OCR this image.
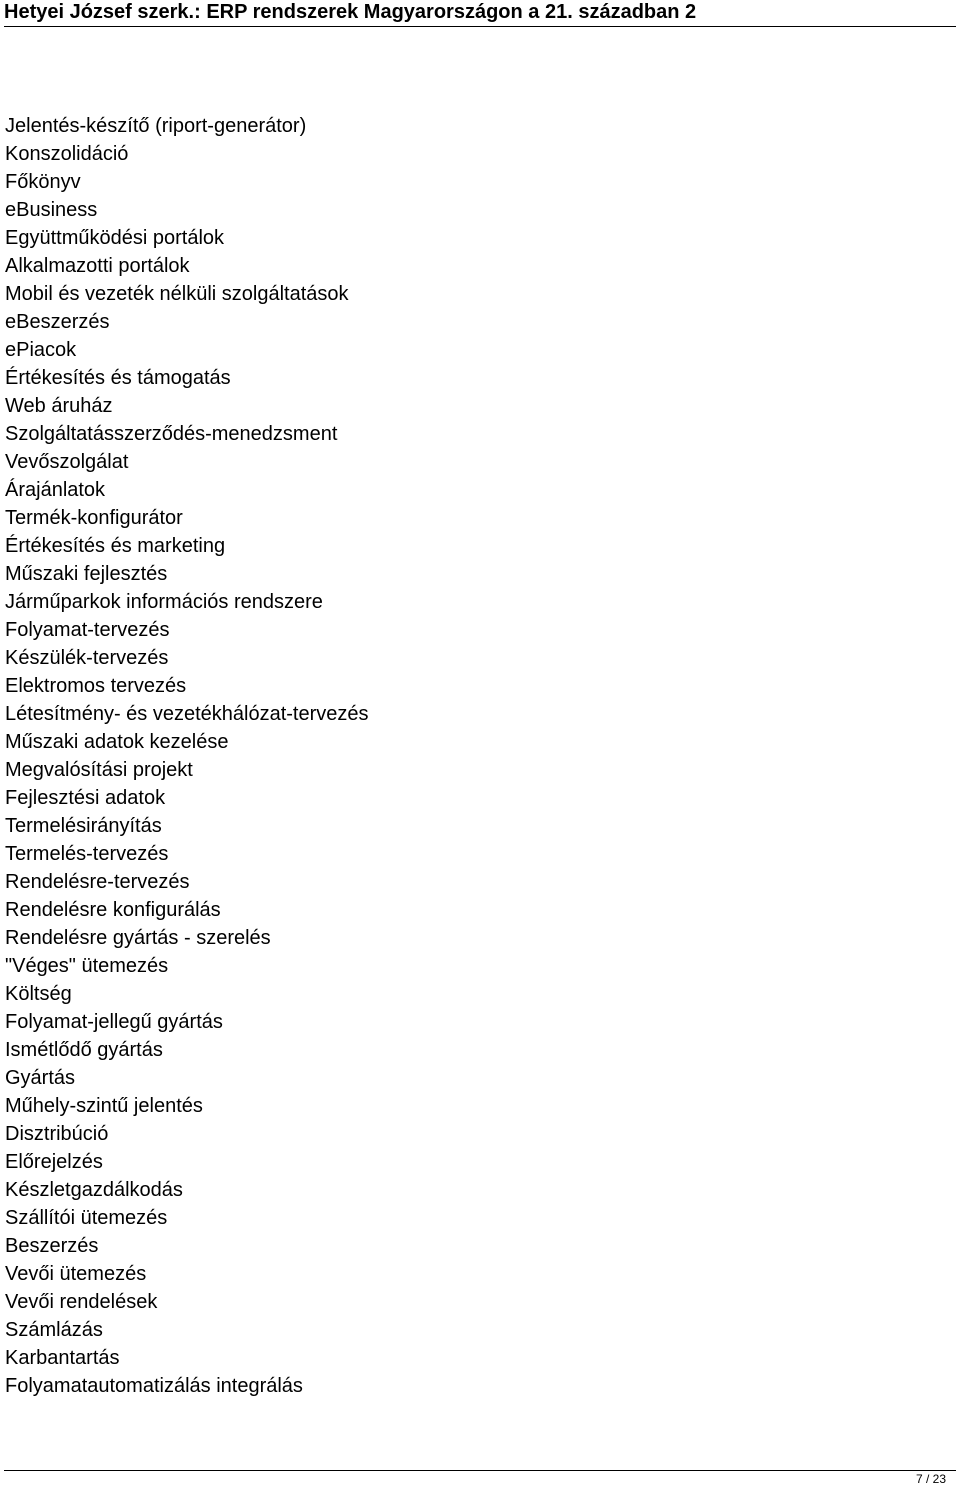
Hetyei József szerk.: ERP rendszerek Magyarországon a 21. században 2
Jelentés-készítő (riport-generátor)
Konszolidáció
Főkönyv
eBusiness
Együttműködési portálok
Alkalmazotti portálok
Mobil és vezeték nélküli szolgáltatások
eBeszerzés
ePiacok
Értékesítés és támogatás
Web áruház
Szolgáltatásszerződés-menedzsment
Vevőszolgálat
Árajánlatok
Termék-konfigurátor
Értékesítés és marketing
Műszaki fejlesztés
Járműparkok információs rendszere
Folyamat-tervezés
Készülék-tervezés
Elektromos tervezés
Létesítmény- és vezetékhálózat-tervezés
Műszaki adatok kezelése
Megvalósítási projekt
Fejlesztési adatok
Termelésirányítás
Termelés-tervezés
Rendelésre-tervezés
Rendelésre konfigurálás
Rendelésre gyártás - szerelés
"Véges" ütemezés
Költség
Folyamat-jellegű gyártás
Ismétlődő gyártás
Gyártás
Műhely-szintű jelentés
Disztribúció
Előrejelzés
Készletgazdálkodás
Szállítói ütemezés
Beszerzés
Vevői ütemezés
Vevői rendelések
Számlázás
Karbantartás
Folyamatautomatizálás integrálás
7 / 23
